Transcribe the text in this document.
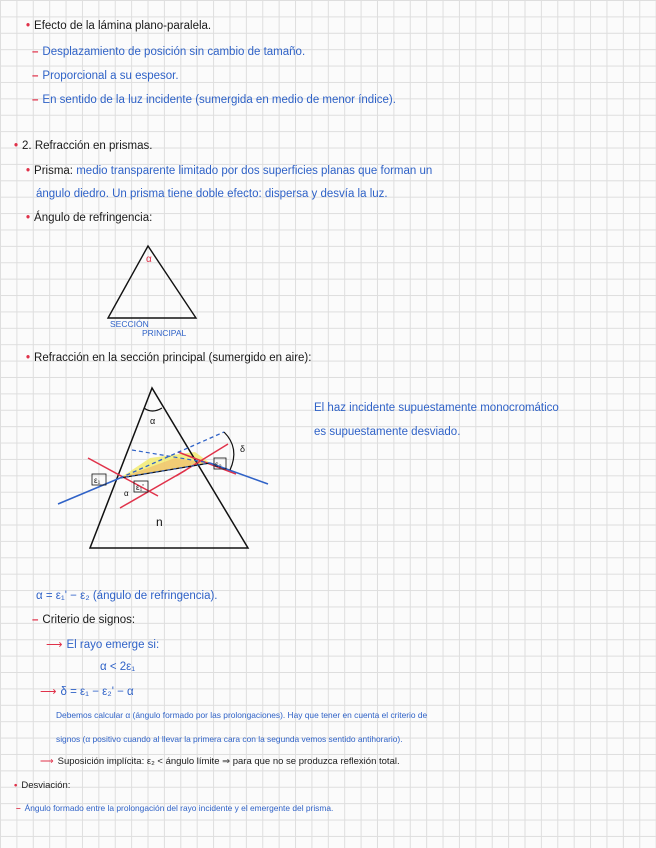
• Efecto de la lámina plano-paralela.
– Desplazamiento de posición sin cambio de tamaño.
– Proporcional a su espesor.
– En sentido de la luz incidente (sumergida en medio de menor índice).
• 2. Refracción en prismas.
• Prisma: medio transparente limitado por dos superficies planas que forman un
ángulo diedro. Un prisma tiene doble efecto: dispersa y desvía la luz.
• Ángulo de refringencia:
α
SECCIÓN
PRINCIPAL
• Refracción en la sección principal (sumergido en aire):
α
δ
ε₁
ε₁'
ε₂
α
n
El haz incidente supuestamente monocromático
es supuestamente desviado.
α = ε₁' − ε₂ (ángulo de refringencia).
– Criterio de signos:
⟶ El rayo emerge si:
α < 2ε₁
⟶ δ = ε₁ − ε₂' − α
Debemos calcular α (ángulo formado por las prolongaciones). Hay que tener en cuenta el criterio de
signos (α positivo cuando al llevar la primera cara con la segunda vemos sentido antihorario).
⟶ Suposición implícita: ε₂ < ángulo límite ⇒ para que no se produzca reflexión total.
• Desviación:
– Ángulo formado entre la prolongación del rayo incidente y el emergente del prisma.
